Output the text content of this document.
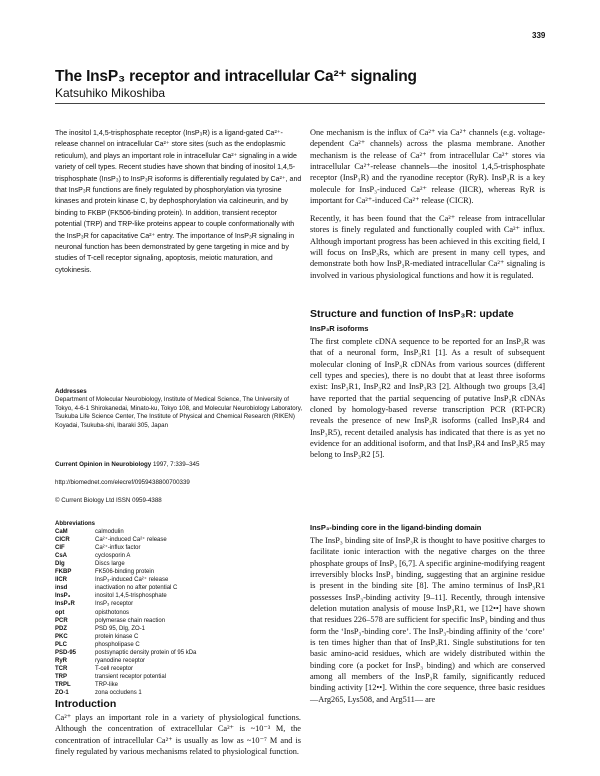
339
The InsP₃ receptor and intracellular Ca²⁺ signaling
Katsuhiko Mikoshiba
The inositol 1,4,5-trisphosphate receptor (InsP₃R) is a ligand-gated Ca²⁺-release channel on intracellular Ca²⁺ store sites (such as the endoplasmic reticulum), and plays an important role in intracellular Ca²⁺ signaling in a wide variety of cell types. Recent studies have shown that binding of inositol 1,4,5-trisphosphate (InsP₃) to InsP₃R isoforms is differentially regulated by Ca²⁺, and that InsP₃R functions are finely regulated by phosphorylation via tyrosine kinases and protein kinase C, by dephosphorylation via calcineurin, and by binding to FKBP (FK506-binding protein). In addition, transient receptor potential (TRP) and TRP-like proteins appear to couple conformationally with the InsP₃R for capacitative Ca²⁺ entry. The importance of InsP₃R signaling in neuronal function has been demonstrated by gene targeting in mice and by studies of T-cell receptor signaling, apoptosis, meiotic maturation, and cytokinesis.
Addresses
Department of Molecular Neurobiology, Institute of Medical Science, The University of Tokyo, 4-6-1 Shirokanedai, Minato-ku, Tokyo 108, and Molecular Neurobiology Laboratory, Tsukuba Life Science Center, The Institute of Physical and Chemical Research (RIKEN) Koyadai, Tsukuba-shi, Ibaraki 305, Japan
Current Opinion in Neurobiology 1997, 7:339–345
http://biomednet.com/elecref/0959438800700339
© Current Biology Ltd ISSN 0959-4388
Abbreviations
CaM	calmodulin
CICR	Ca²⁺-induced Ca²⁺ release
CIF	Ca²⁺-influx factor
CsA	cyclosporin A
Dlg	Discs large
FKBP	FK506-binding protein
IICR	InsP₃-induced Ca²⁺ release
insd	inactivation no after potential C
InsP₃	inositol 1,4,5-trisphosphate
InsP₃R	InsP₃ receptor
opt	opisthotonos
PCR	polymerase chain reaction
PDZ	PSD 95, Dlg, ZO-1
PKC	protein kinase C
PLC	phospholipase C
PSD-95	postsynaptic density protein of 95 kDa
RyR	ryanodine receptor
TCR	T-cell receptor
TRP	transient receptor potential
TRPL	TRP-like
ZO-1	zona occludens 1
Introduction
Ca²⁺ plays an important role in a variety of physiological functions. Although the concentration of extracellular Ca²⁺ is ~10⁻³ M, the concentration of intracellular Ca²⁺ is usually as low as ~10⁻⁷ M and is finely regulated by various mechanisms related to physiological function.
One mechanism is the influx of Ca²⁺ via Ca²⁺ channels (e.g. voltage-dependent Ca²⁺ channels) across the plasma membrane. Another mechanism is the release of Ca²⁺ from intracellular Ca²⁺ stores via intracellular Ca²⁺-release channels—the inositol 1,4,5-trisphosphate receptor (InsP₃R) and the ryanodine receptor (RyR). InsP₃R is a key molecule for InsP₃-induced Ca²⁺ release (IICR), whereas RyR is important for Ca²⁺-induced Ca²⁺ release (CICR).
Recently, it has been found that the Ca²⁺ release from intracellular stores is finely regulated and functionally coupled with Ca²⁺ influx. Although important progress has been achieved in this exciting field, I will focus on InsP₃Rs, which are present in many cell types, and demonstrate both how InsP₃R-mediated intracellular Ca²⁺ signaling is involved in various physiological functions and how it is regulated.
Structure and function of InsP₃R: update
InsP₃R isoforms
The first complete cDNA sequence to be reported for an InsP₃R was that of a neuronal form, InsP₃R1 [1]. As a result of subsequent molecular cloning of InsP₃R cDNAs from various sources (different cell types and species), there is no doubt that at least three isoforms exist: InsP₃R1, InsP₃R2 and InsP₃R3 [2]. Although two groups [3,4] have reported that the partial sequencing of putative InsP₃R cDNAs cloned by homology-based reverse transcription PCR (RT-PCR) reveals the presence of new InsP₃R isoforms (called InsP₃R4 and InsP₃R5), recent detailed analysis has indicated that there is as yet no evidence for an additional isoform, and that InsP₃R4 and InsP₃R5 may belong to InsP₃R2 [5].
InsP₃-binding core in the ligand-binding domain
The InsP₃ binding site of InsP₃R is thought to have positive charges to facilitate ionic interaction with the negative charges on the three phosphate groups of InsP₃ [6,7]. A specific arginine-modifying reagent irreversibly blocks InsP₃ binding, suggesting that an arginine residue is present in the binding site [8]. The amino terminus of InsP₃R1 possesses InsP₃-binding activity [9–11]. Recently, through intensive deletion mutation analysis of mouse InsP₃R1, we [12••] have shown that residues 226–578 are sufficient for specific InsP₃ binding and thus form the ‘InsP₃-binding core’. The InsP₃-binding affinity of the ‘core’ is ten times higher than that of InsP₃R1. Single substitutions for ten basic amino-acid residues, which are widely distributed within the binding core (a pocket for InsP₃ binding) and which are conserved among all members of the InsP₃R family, significantly reduced binding activity [12••]. Within the core sequence, three basic residues —Arg265, Lys508, and Arg511— are
